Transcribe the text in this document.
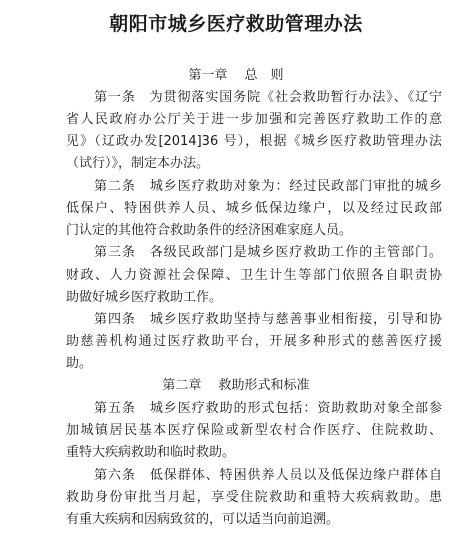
朝阳市城乡医疗救助管理办法
第一章　 总　则
第一条　为贯彻落实国务院《社会救助暂行办法》、《辽宁
省人民政府办公厅关于进一步加强和完善医疗救助工作的意
见》（辽政办发[2014]36 号），根据《城乡医疗救助管理办法
（试行）》，制定本办法。
第二条　城乡医疗救助对象为：经过民政部门审批的城乡
低保户、特困供养人员、城乡低保边缘户，以及经过民政部
门认定的其他符合救助条件的经济困难家庭人员。
第三条　各级民政部门是城乡医疗救助工作的主管部门。
财政、人力资源社会保障、卫生计生等部门依照各自职责协
助做好城乡医疗救助工作。
第四条　城乡医疗救助坚持与慈善事业相衔接，引导和协
助慈善机构通过医疗救助平台，开展多种形式的慈善医疗援
助。
第二章　 救助形式和标准
第五条　城乡医疗救助的形式包括：资助救助对象全部参
加城镇居民基本医疗保险或新型农村合作医疗、住院救助、
重特大疾病救助和临时救助。
第六条　低保群体、特困供养人员以及低保边缘户群体自
救助身份审批当月起，享受住院救助和重特大疾病救助。患
有重大疾病和因病致贫的，可以适当向前追溯。
